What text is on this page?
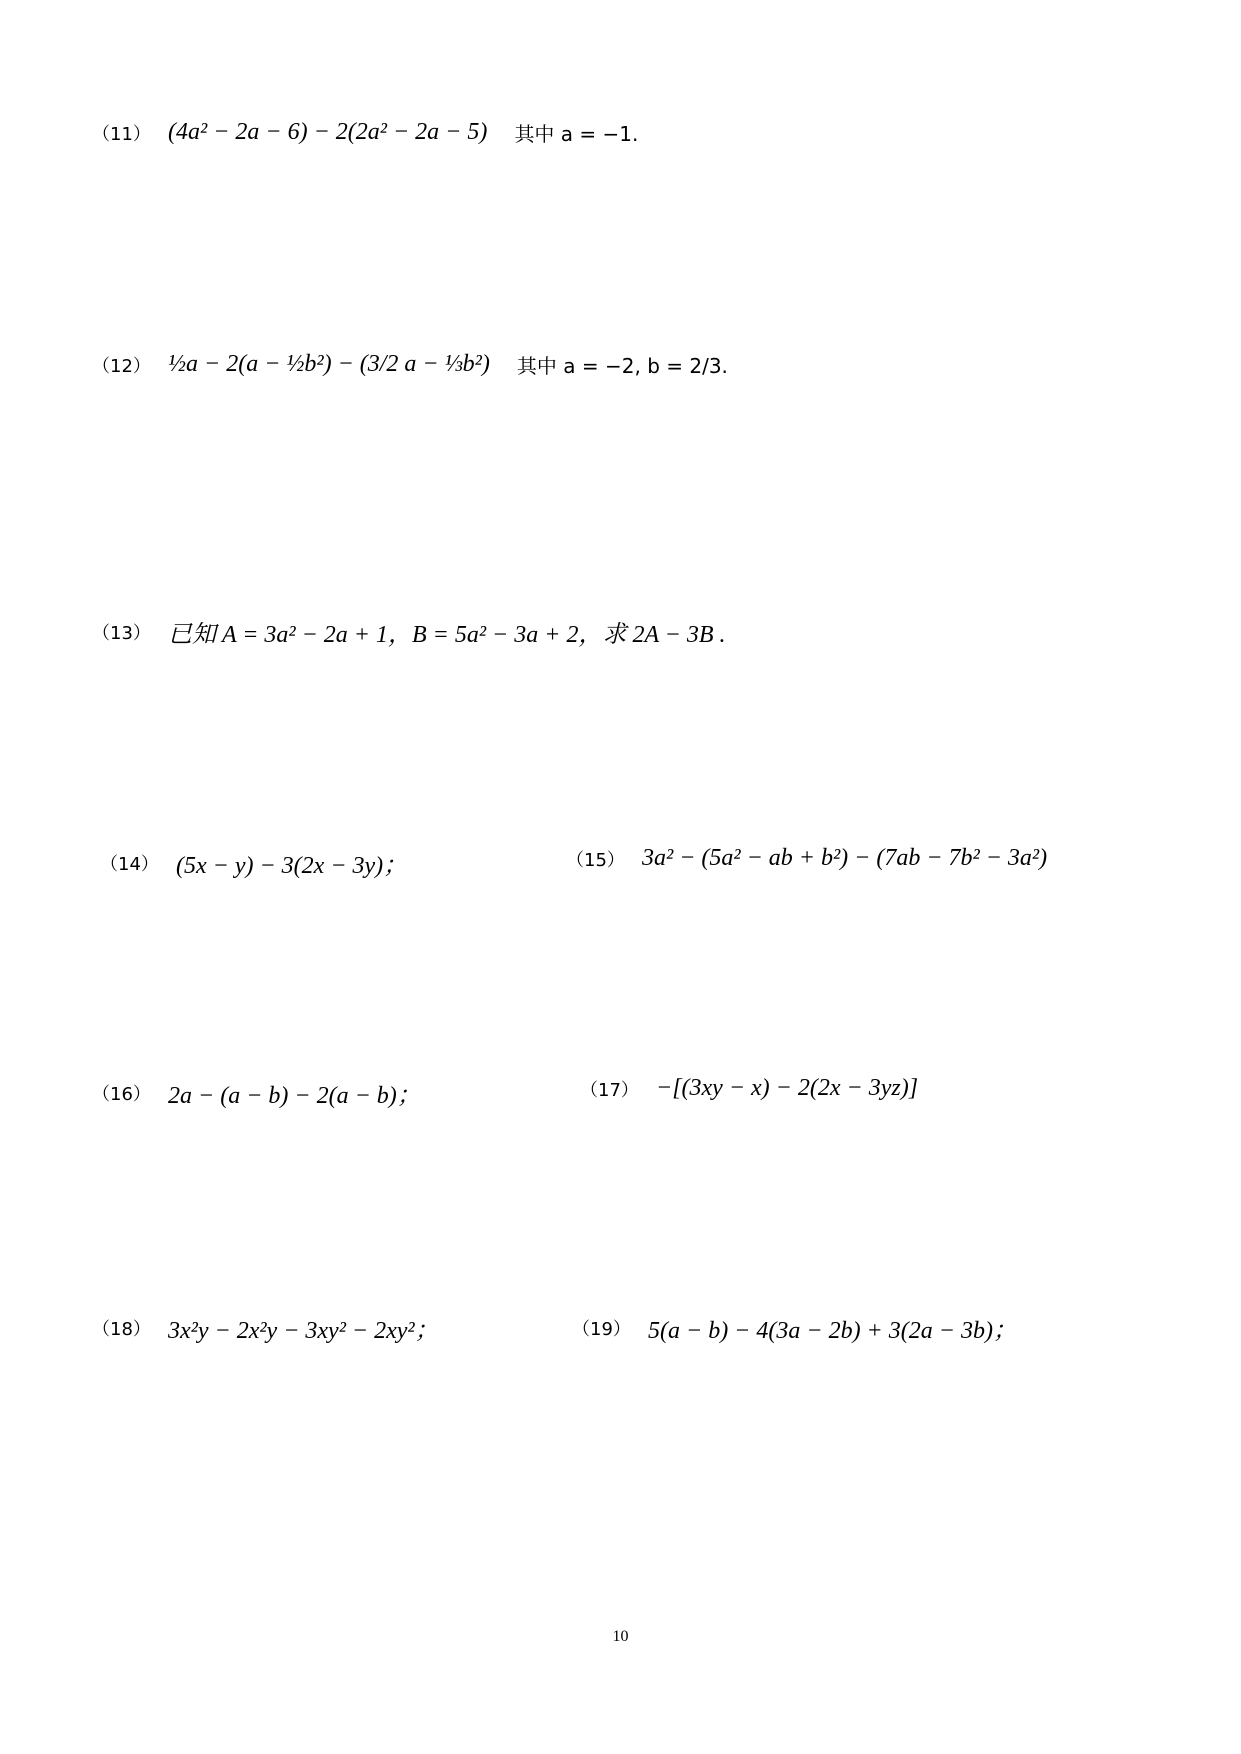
（11） (4a² − 2a − 6) − 2(2a² − 2a − 5) 其中 a = −1.
（12） ½a − 2(a − ½b²) − (3/2 a − ⅓b²) 其中 a = −2, b = 2/3.
（13） 已知 A = 3a² − 2a + 1，B = 5a² − 3a + 2，求 2A − 3B .
（14） (5x − y) − 3(2x − 3y)；	（15） 3a² − (5a² − ab + b²) − (7ab − 7b² − 3a²)
（16） 2a − (a − b) − 2(a − b)；	（17） −[(3xy − x) − 2(2x − 3yz)]
（18） 3x²y − 2x²y − 3xy² − 2xy²；	（19） 5(a − b) − 4(3a − 2b) + 3(2a − 3b)；
10
